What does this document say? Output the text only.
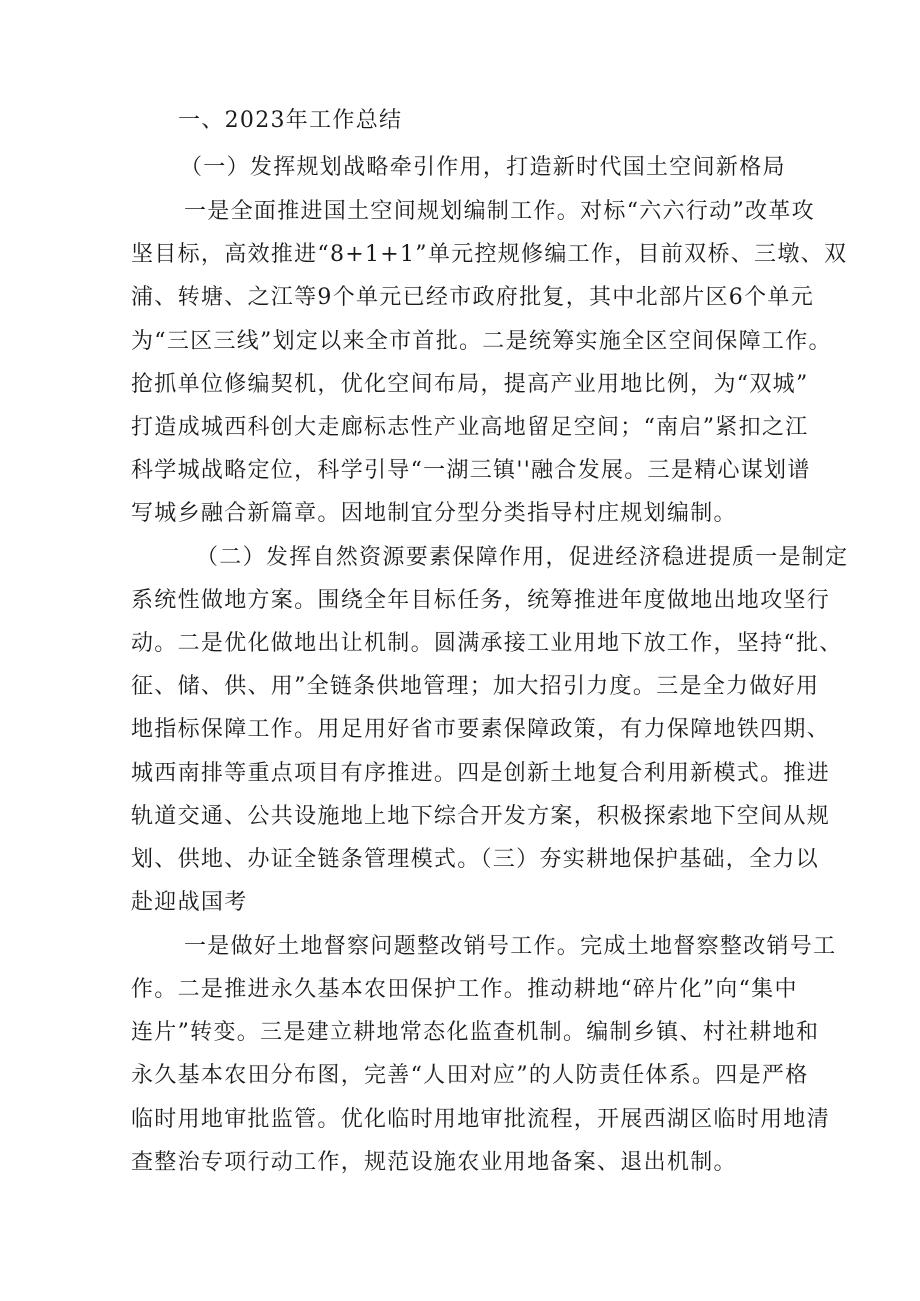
一、2023年工作总结
（一）发挥规划战略牵引作用，打造新时代国土空间新格局
一是全面推进国土空间规划编制工作。对标“六六行动”改革攻
坚目标，高效推进“8+1+1”单元控规修编工作，目前双桥、三墩、双
浦、转塘、之江等9个单元已经市政府批复，其中北部片区6个单元
为“三区三线”划定以来全市首批。二是统筹实施全区空间保障工作。
抢抓单位修编契机，优化空间布局，提高产业用地比例，为“双城”
打造成城西科创大走廊标志性产业高地留足空间；“南启”紧扣之江
科学城战略定位，科学引导“一湖三镇''融合发展。三是精心谋划谱
写城乡融合新篇章。因地制宜分型分类指导村庄规划编制。
（二）发挥自然资源要素保障作用，促进经济稳进提质一是制定
系统性做地方案。围绕全年目标任务，统筹推进年度做地出地攻坚行
动。二是优化做地出让机制。圆满承接工业用地下放工作，坚持“批、
征、储、供、用”全链条供地管理；加大招引力度。三是全力做好用
地指标保障工作。用足用好省市要素保障政策，有力保障地铁四期、
城西南排等重点项目有序推进。四是创新土地复合利用新模式。推进
轨道交通、公共设施地上地下综合开发方案，积极探索地下空间从规
划、供地、办证全链条管理模式。（三）夯实耕地保护基础，全力以
赴迎战国考
一是做好土地督察问题整改销号工作。完成土地督察整改销号工
作。二是推进永久基本农田保护工作。推动耕地“碎片化”向“集中
连片”转变。三是建立耕地常态化监查机制。编制乡镇、村社耕地和
永久基本农田分布图，完善“人田对应”的人防责任体系。四是严格
临时用地审批监管。优化临时用地审批流程，开展西湖区临时用地清
查整治专项行动工作，规范设施农业用地备案、退出机制。
